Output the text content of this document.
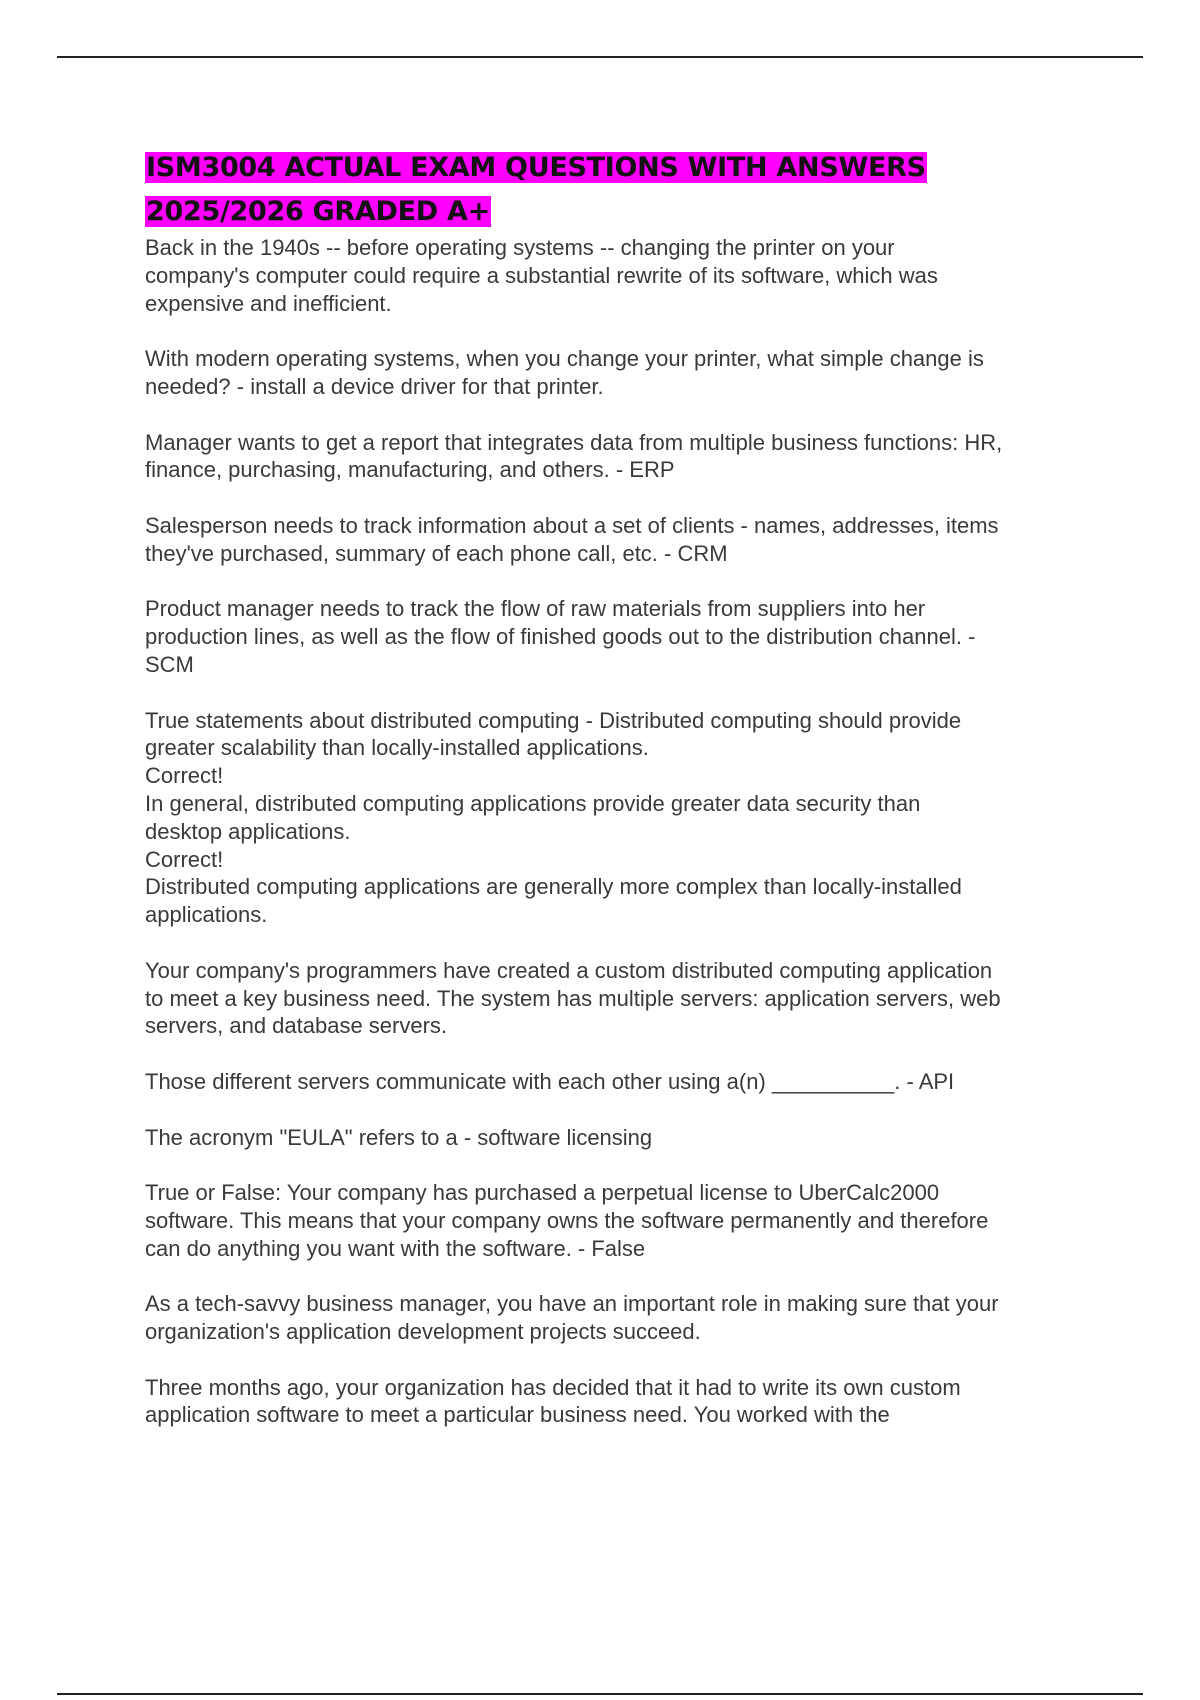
ISM3004 ACTUAL EXAM QUESTIONS WITH ANSWERS
2025/2026 GRADED A+

Back in the 1940s -- before operating systems -- changing the printer on your
company's computer could require a substantial rewrite of its software, which was
expensive and inefficient.

With modern operating systems, when you change your printer, what simple change is
needed? - install a device driver for that printer.

Manager wants to get a report that integrates data from multiple business functions: HR,
finance, purchasing, manufacturing, and others. - ERP

Salesperson needs to track information about a set of clients - names, addresses, items
they've purchased, summary of each phone call, etc. - CRM

Product manager needs to track the flow of raw materials from suppliers into her
production lines, as well as the flow of finished goods out to the distribution channel. -
SCM

True statements about distributed computing - Distributed computing should provide
greater scalability than locally-installed applications.
Correct!
In general, distributed computing applications provide greater data security than
desktop applications.
Correct!
Distributed computing applications are generally more complex than locally-installed
applications.

Your company's programmers have created a custom distributed computing application
to meet a key business need. The system has multiple servers: application servers, web
servers, and database servers.

Those different servers communicate with each other using a(n) __________. - API

The acronym "EULA" refers to a - software licensing

True or False: Your company has purchased a perpetual license to UberCalc2000
software. This means that your company owns the software permanently and therefore
can do anything you want with the software. - False

As a tech-savvy business manager, you have an important role in making sure that your
organization's application development projects succeed.

Three months ago, your organization has decided that it had to write its own custom
application software to meet a particular business need. You worked with the
